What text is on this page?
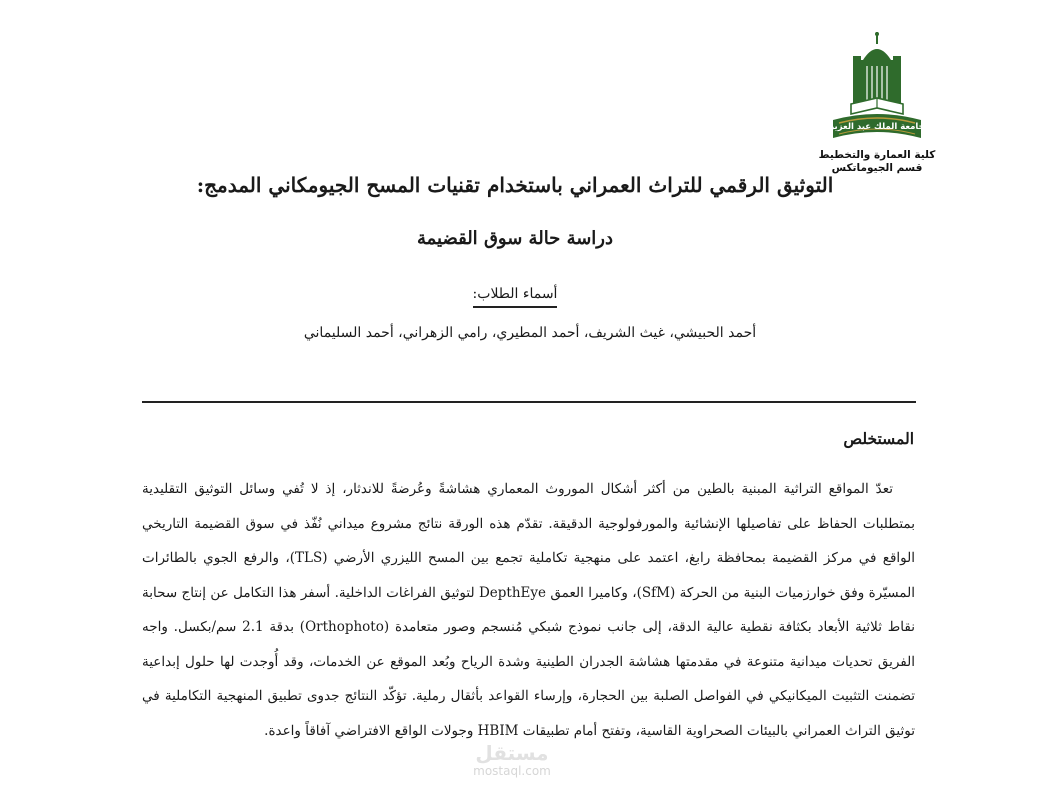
جامعة الملك عبد العزيز
كلية العمارة والتخطيط
قسم الجيوماتكس
التوثيق الرقمي للتراث العمراني باستخدام تقنيات المسح الجيومكاني المدمج:
دراسة حالة سوق القضيمة
أسماء الطلاب:
أحمد الحبيشي، غيث الشريف، أحمد المطيري، رامي الزهراني، أحمد السليماني
المستخلص

تعدّ المواقع التراثية المبنية بالطين من أكثر أشكال الموروث المعماري هشاشةً وعُرضةً للاندثار، إذ لا تُفي وسائل التوثيق التقليدية بمتطلبات الحفاظ على تفاصيلها الإنشائية والمورفولوجية الدقيقة. تقدّم هذه الورقة نتائج مشروع ميداني نُفّذ في سوق القضيمة التاريخي الواقع في مركز القضيمة بمحافظة رابغ، اعتمد على منهجية تكاملية تجمع بين المسح الليزري الأرضي (TLS)، والرفع الجوي بالطائرات المسيّرة وفق خوارزميات البنية من الحركة (SfM)، وكاميرا العمق DepthEye لتوثيق الفراغات الداخلية. أسفر هذا التكامل عن إنتاج سحابة نقاط ثلاثية الأبعاد بكثافة نقطية عالية الدقة، إلى جانب نموذج شبكي مُنسجم وصور متعامدة (Orthophoto) بدقة 2.1 سم/بكسل. واجه الفريق تحديات ميدانية متنوعة في مقدمتها هشاشة الجدران الطينية وشدة الرياح وبُعد الموقع عن الخدمات، وقد أُوجدت لها حلول إبداعية تضمنت التثبيت الميكانيكي في الفواصل الصلبة بين الحجارة، وإرساء القواعد بأثقال رملية. تؤكّد النتائج جدوى تطبيق المنهجية التكاملية في توثيق التراث العمراني بالبيئات الصحراوية القاسية، وتفتح أمام تطبيقات HBIM وجولات الواقع الافتراضي آفاقاً واعدة.

مستقل
mostaql.com
